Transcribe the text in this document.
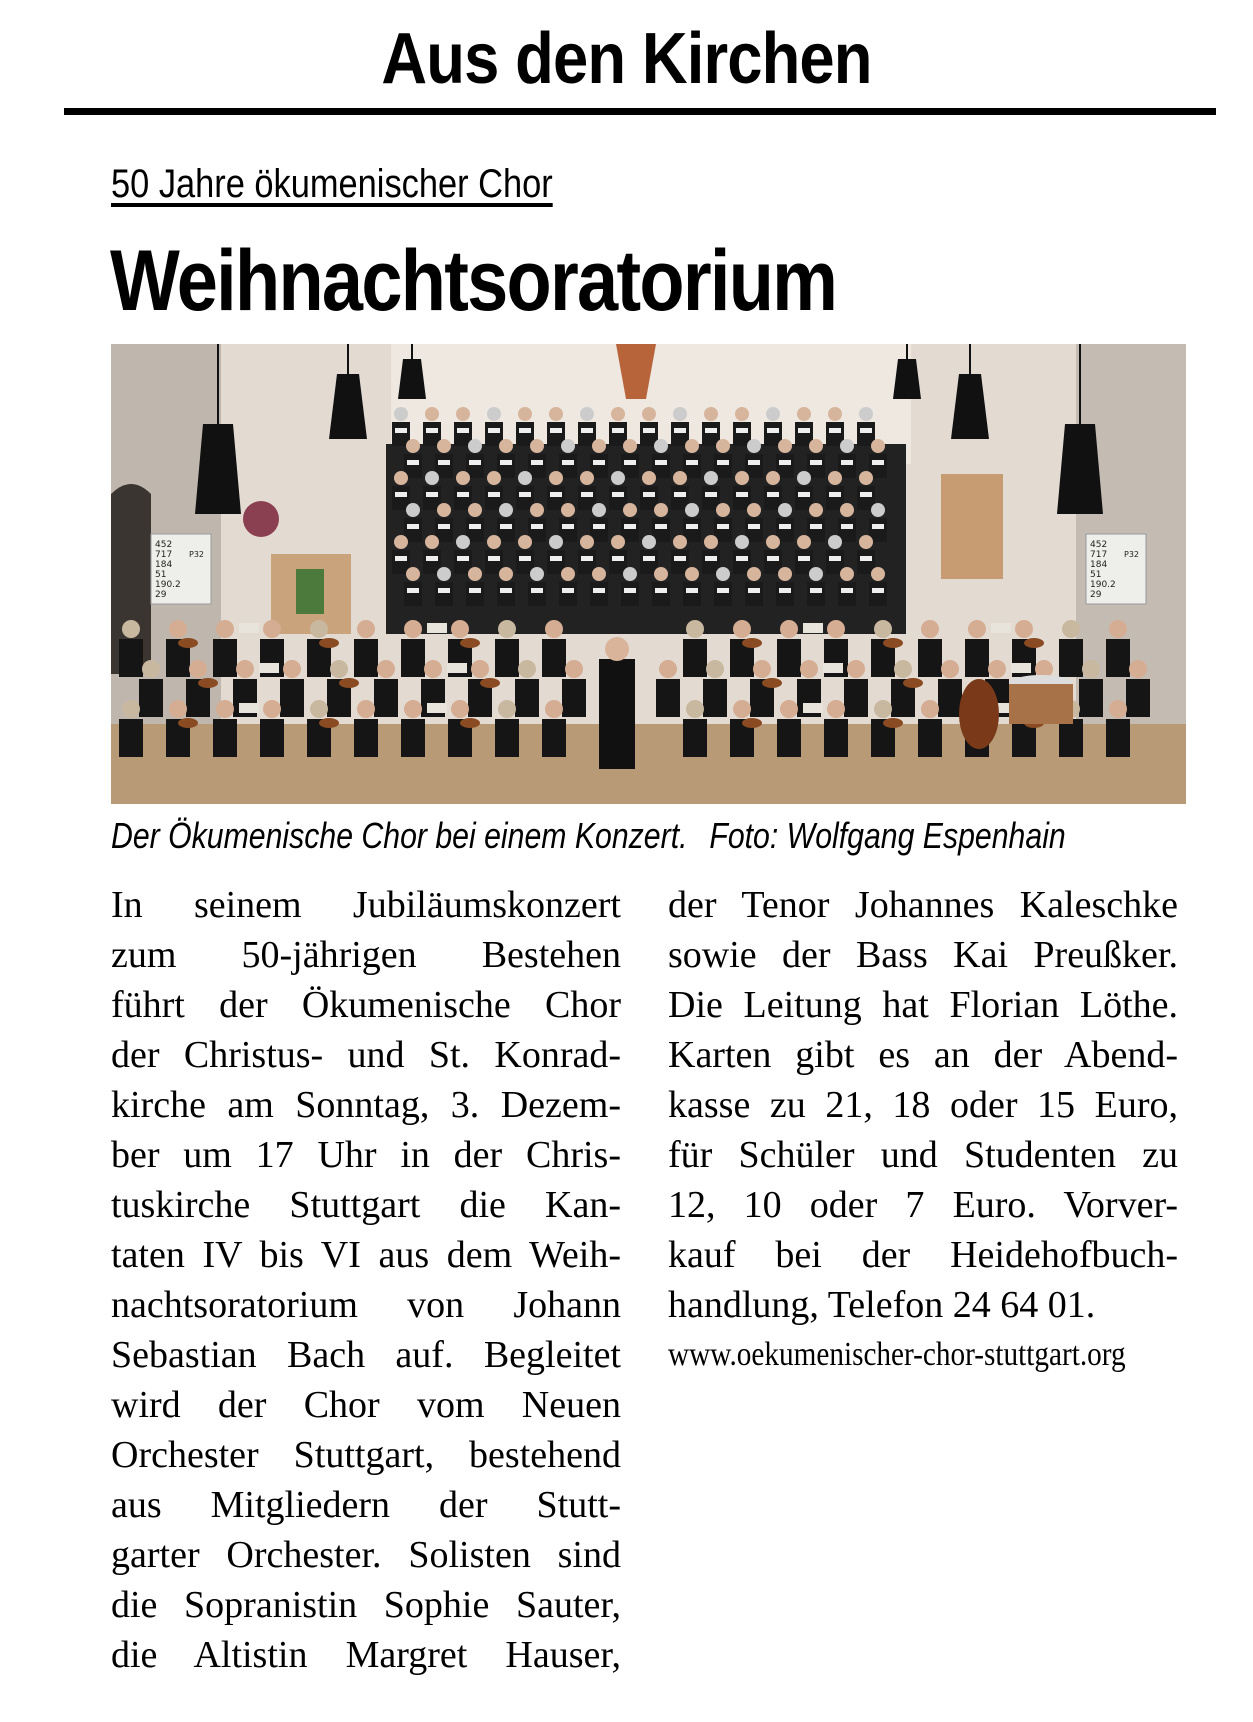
Aus den Kirchen
50 Jahre ökumenischer Chor
Weihnachtsoratorium
452 717 184 51 190.2 29
P32
452 717 184 51 190.2 29
P32
Der Ökumenische Chor bei einem Konzert. Foto: Wolfgang Espenhain
In seinem Jubiläumskonzert
zum 50-jährigen Bestehen
führt der Ökumenische Chor
der Christus- und St. Konrad-
kirche am Sonntag, 3. Dezem-
ber um 17 Uhr in der Chris-
tuskirche Stuttgart die Kan-
taten IV bis VI aus dem Weih-
nachtsoratorium von Johann
Sebastian Bach auf. Begleitet
wird der Chor vom Neuen
Orchester Stuttgart, bestehend
aus Mitgliedern der Stutt-
garter Orchester. Solisten sind
die Sopranistin Sophie Sauter,
die Altistin Margret Hauser,
der Tenor Johannes Kaleschke
sowie der Bass Kai Preußker.
Die Leitung hat Florian Löthe.
Karten gibt es an der Abend-
kasse zu 21, 18 oder 15 Euro,
für Schüler und Studenten zu
12, 10 oder 7 Euro. Vorver-
kauf bei der Heidehofbuch-
handlung, Telefon 24 64 01.
www.oekumenischer-chor-stuttgart.org
